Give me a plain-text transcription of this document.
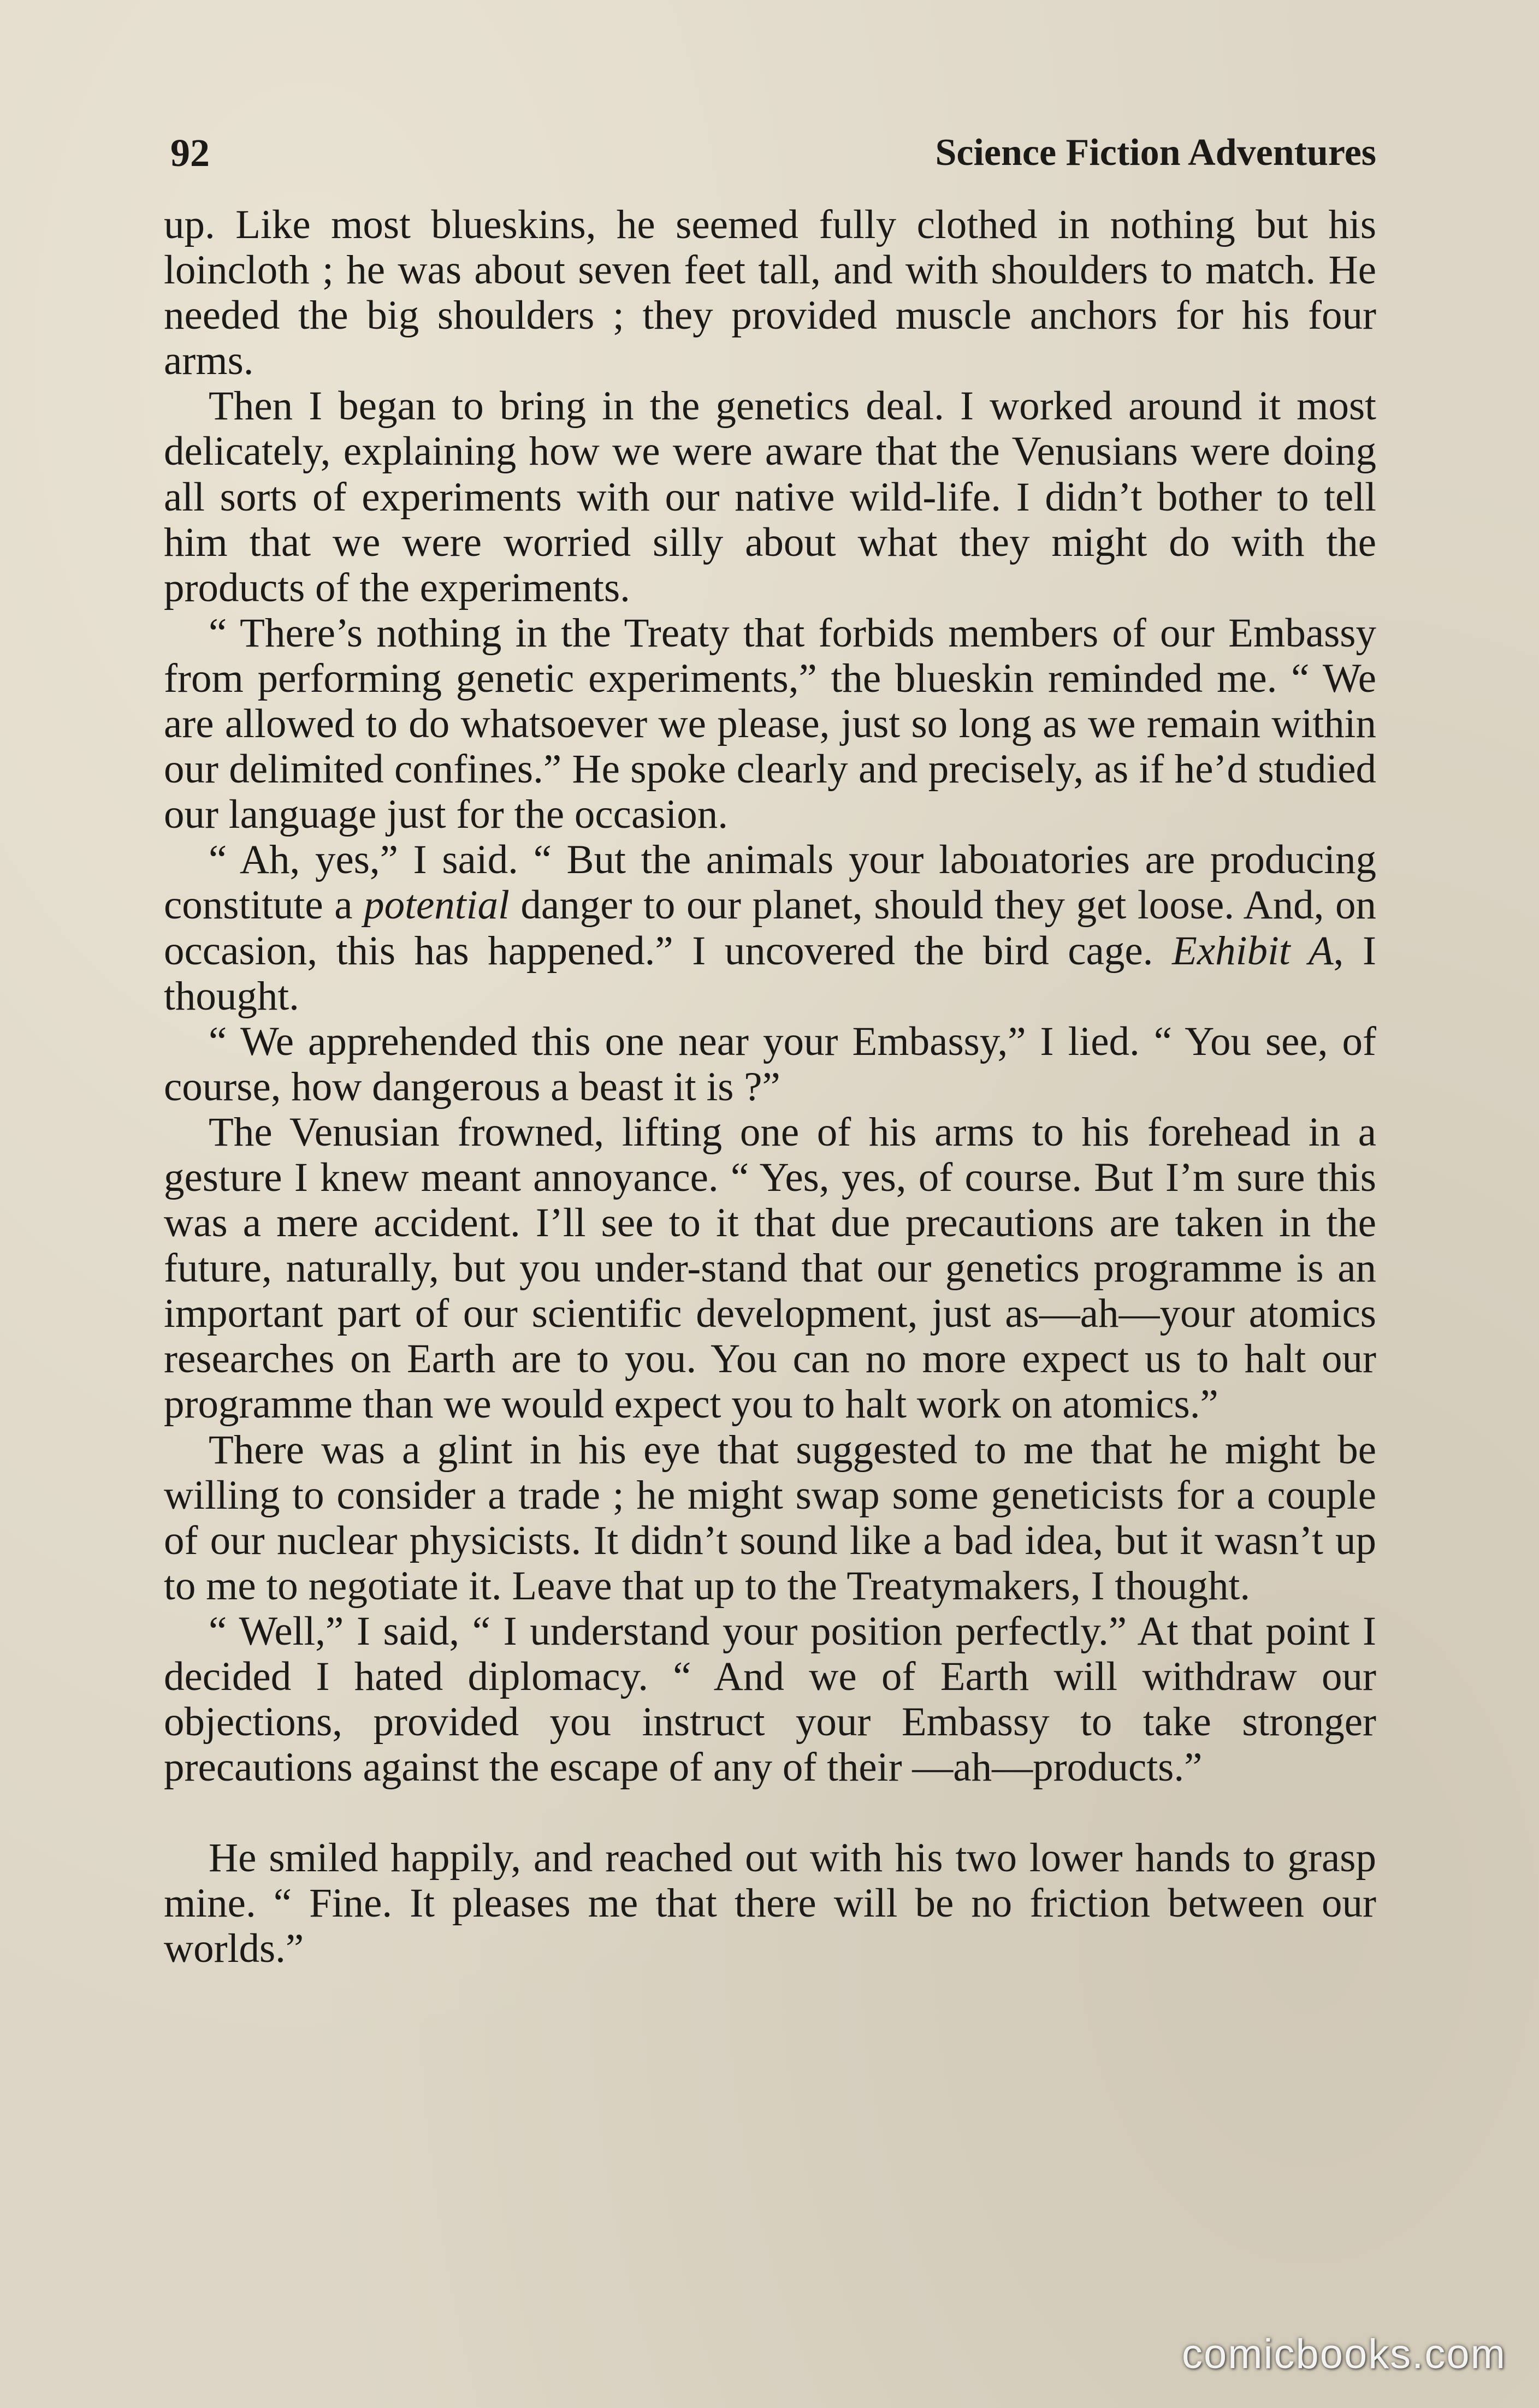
92	Science Fiction Adventures

up. Like most blueskins, he seemed fully clothed in nothing but his loincloth ; he was about seven feet tall, and with shoulders to match. He needed the big shoulders ; they provided muscle anchors for his four arms.

Then I began to bring in the genetics deal. I worked around it most delicately, explaining how we were aware that the Venusians were doing all sorts of experiments with our native wild-life. I didn’t bother to tell him that we were worried silly about what they might do with the products of the experiments.

“ There’s nothing in the Treaty that forbids members of our Embassy from performing genetic experiments,” the blueskin reminded me. “ We are allowed to do whatsoever we please, just so long as we remain within our delimited confines.” He spoke clearly and precisely, as if he’d studied our language just for the occasion.

“ Ah, yes,” I said. “ But the animals your laboıatories are producing constitute a potential danger to our planet, should they get loose. And, on occasion, this has happened.” I uncovered the bird cage. Exhibit A, I thought.

“ We apprehended this one near your Embassy,” I lied. “ You see, of course, how dangerous a beast it is ?”

The Venusian frowned, lifting one of his arms to his forehead in a gesture I knew meant annoyance. “ Yes, yes, of course. But I’m sure this was a mere accident. I’ll see to it that due precautions are taken in the future, naturally, but you under-stand that our genetics programme is an important part of our scientific development, just as—ah—your atomics researches on Earth are to you. You can no more expect us to halt our programme than we would expect you to halt work on atomics.”

There was a glint in his eye that suggested to me that he might be willing to consider a trade ; he might swap some geneticists for a couple of our nuclear physicists. It didn’t sound like a bad idea, but it wasn’t up to me to negotiate it. Leave that up to the Treatymakers, I thought.

“ Well,” I said, “ I understand your position perfectly.” At that point I decided I hated diplomacy. “ And we of Earth will withdraw our objections, provided you instruct your Embassy to take stronger precautions against the escape of any of their —ah—products.”

He smiled happily, and reached out with his two lower hands to grasp mine. “ Fine. It pleases me that there will be no friction between our worlds.”

comicbooks.com
